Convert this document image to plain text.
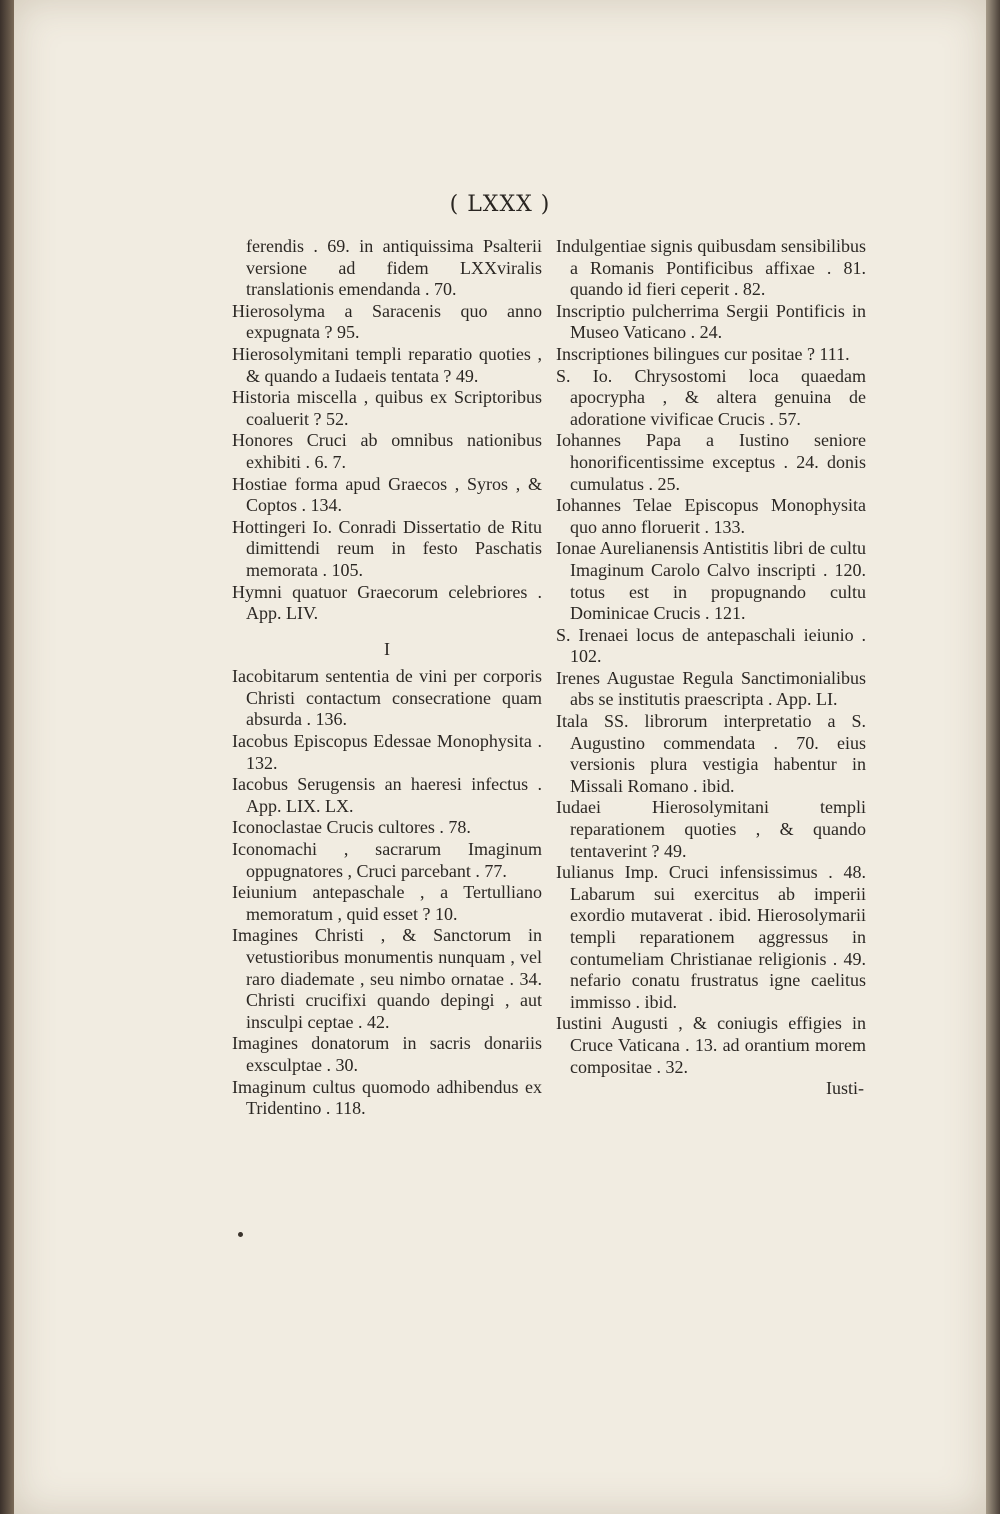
( LXXX )

ferendis . 69. in antiquissima Psalterii versione ad fidem LXXviralis translationis emendanda . 70.

Hierosolyma a Saracenis quo anno expugnata ? 95.

Hierosolymitani templi reparatio quoties , & quando a Iudaeis tentata ? 49.

Historia miscella , quibus ex Scriptoribus coaluerit ? 52.

Honores Cruci ab omnibus nationibus exhibiti . 6. 7.

Hostiae forma apud Graecos , Syros , & Coptos . 134.

Hottingeri Io. Conradi Dissertatio de Ritu dimittendi reum in festo Paschatis memorata . 105.

Hymni quatuor Graecorum celebriores . App. LIV.

I

Iacobitarum sententia de vini per corporis Christi contactum consecratione quam absurda . 136.

Iacobus Episcopus Edessae Monophysita . 132.

Iacobus Serugensis an haeresi infectus . App. LIX. LX.

Iconoclastae Crucis cultores . 78.

Iconomachi , sacrarum Imaginum oppugnatores , Cruci parcebant . 77.

Ieiunium antepaschale , a Tertulliano memoratum , quid esset ? 10.

Imagines Christi , & Sanctorum in vetustioribus monumentis nunquam , vel raro diademate , seu nimbo ornatae . 34. Christi crucifixi quando depingi , aut insculpi ceptae . 42.

Imagines donatorum in sacris donariis exsculptae . 30.

Imaginum cultus quomodo adhibendus ex Tridentino . 118.

Indulgentiae signis quibusdam sensibilibus a Romanis Pontificibus affixae . 81. quando id fieri ceperit . 82.

Inscriptio pulcherrima Sergii Pontificis in Museo Vaticano . 24.

Inscriptiones bilingues cur positae ? 111.

S. Io. Chrysostomi loca quaedam apocrypha , & altera genuina de adoratione vivificae Crucis . 57.

Iohannes Papa a Iustino seniore honorificentissime exceptus . 24. donis cumulatus . 25.

Iohannes Telae Episcopus Monophysita quo anno floruerit . 133.

Ionae Aurelianensis Antistitis libri de cultu Imaginum Carolo Calvo inscripti . 120. totus est in propugnando cultu Dominicae Crucis . 121.

S. Irenaei locus de antepaschali ieiunio . 102.

Irenes Augustae Regula Sanctimonialibus abs se institutis praescripta . App. LI.

Itala SS. librorum interpretatio a S. Augustino commendata . 70. eius versionis plura vestigia habentur in Missali Romano . ibid.

Iudaei Hierosolymitani templi reparationem quoties , & quando tentaverint ? 49.

Iulianus Imp. Cruci infensissimus . 48. Labarum sui exercitus ab imperii exordio mutaverat . ibid. Hierosolymarii templi reparationem aggressus in contumeliam Christianae religionis . 49. nefario conatu frustratus igne caelitus immisso . ibid.

Iustini Augusti , & coniugis effigies in Cruce Vaticana . 13. ad orantium morem compositae . 32.

Iusti-
